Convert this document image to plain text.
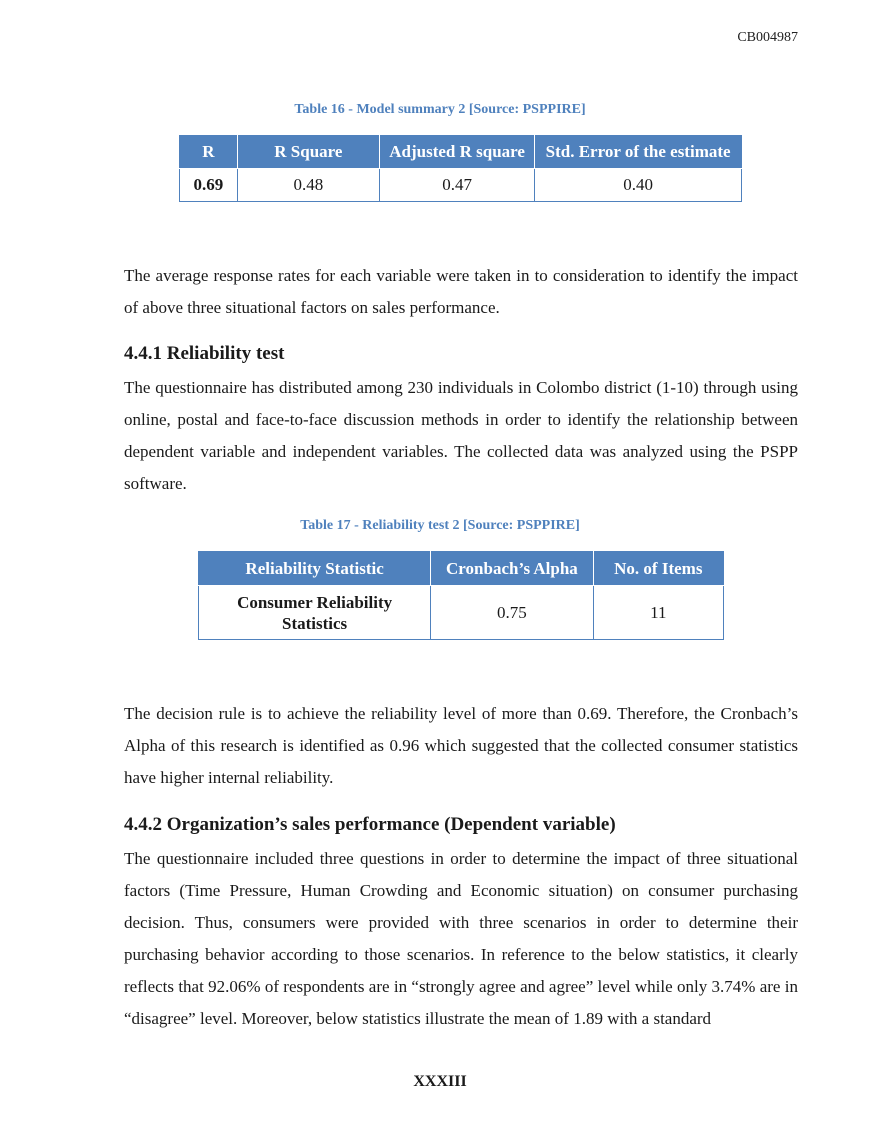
CB004987
Table 16 - Model summary 2 [Source: PSPPIRE]
R	R Square	Adjusted R square	Std. Error of the estimate
0.69	0.48	0.47	0.40

The average response rates for each variable were taken in to consideration to identify the impact of above three situational factors on sales performance.

4.4.1 Reliability test

The questionnaire has distributed among 230 individuals in Colombo district (1-10) through using online, postal and face-to-face discussion methods in order to identify the relationship between dependent variable and independent variables. The collected data was analyzed using the PSPP software.

Table 17 - Reliability test 2 [Source: PSPPIRE]
Reliability Statistic	Cronbach’s Alpha	No. of Items
Consumer Reliability Statistics	0.75	11

The decision rule is to achieve the reliability level of more than 0.69. Therefore, the Cronbach’s Alpha of this research is identified as 0.96 which suggested that the collected consumer statistics have higher internal reliability.

4.4.2 Organization’s sales performance (Dependent variable)

The questionnaire included three questions in order to determine the impact of three situational factors (Time Pressure, Human Crowding and Economic situation) on consumer purchasing decision. Thus, consumers were provided with three scenarios in order to determine their purchasing behavior according to those scenarios. In reference to the below statistics, it clearly reflects that 92.06% of respondents are in “strongly agree and agree” level while only 3.74% are in “disagree” level. Moreover, below statistics illustrate the mean of 1.89 with a standard

XXXIII
